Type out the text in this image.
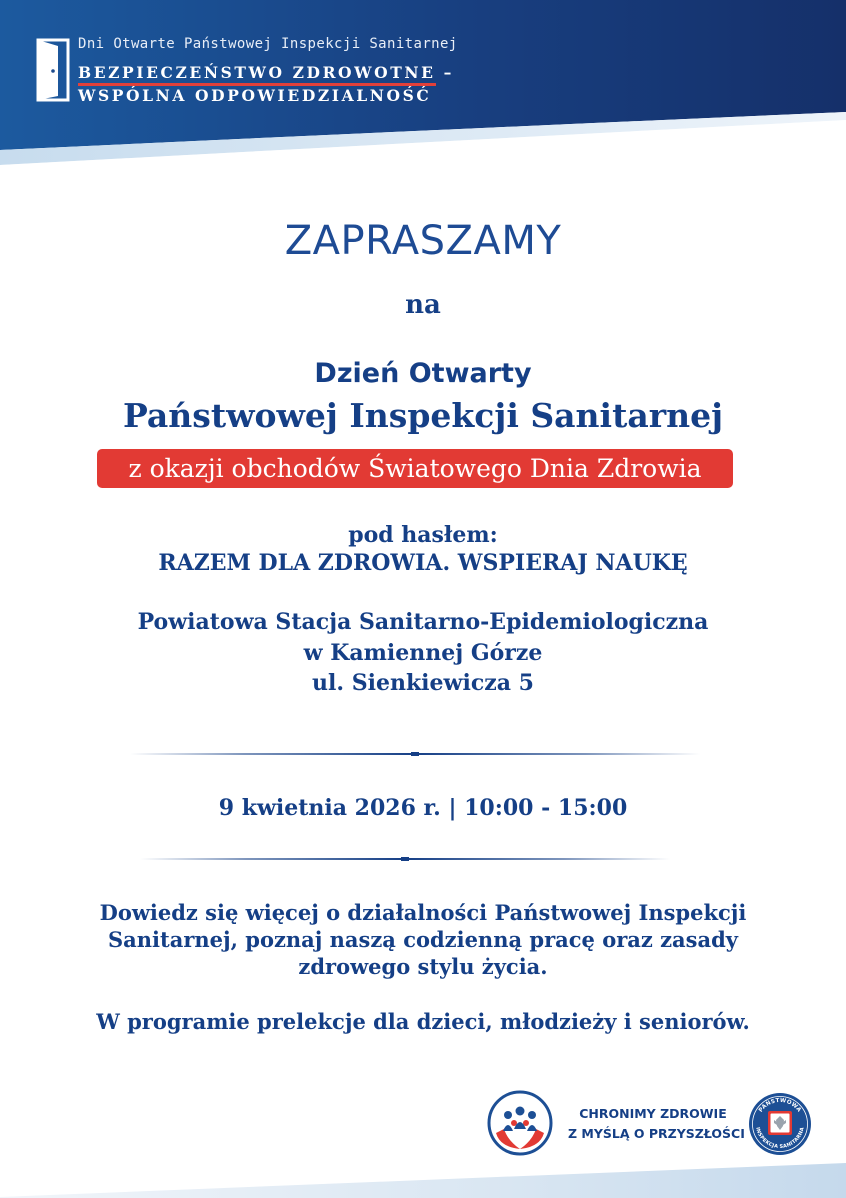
Dni Otwarte Państwowej Inspekcji Sanitarnej
BEZPIECZEŃSTWO ZDROWOTNE –
WSPÓLNA ODPOWIEDZIALNOŚĆ
ZAPRASZAMY
na
Dzień Otwarty
Państwowej Inspekcji Sanitarnej
z okazji obchodów Światowego Dnia Zdrowia
pod hasłem:
RAZEM DLA ZDROWIA. WSPIERAJ NAUKĘ
Powiatowa Stacja Sanitarno-Epidemiologiczna
w Kamiennej Górze
ul. Sienkiewicza 5
9 kwietnia 2026 r. | 10:00 - 15:00
Dowiedz się więcej o działalności Państwowej Inspekcji
Sanitarnej, poznaj naszą codzienną pracę oraz zasady
zdrowego stylu życia.
W programie prelekcje dla dzieci, młodzieży i seniorów.
CHRONIMY ZDROWIE
Z MYŚLĄ O PRZYSZŁOŚCI
PAŃSTWOWA
INSPEKCJA SANITARNA
